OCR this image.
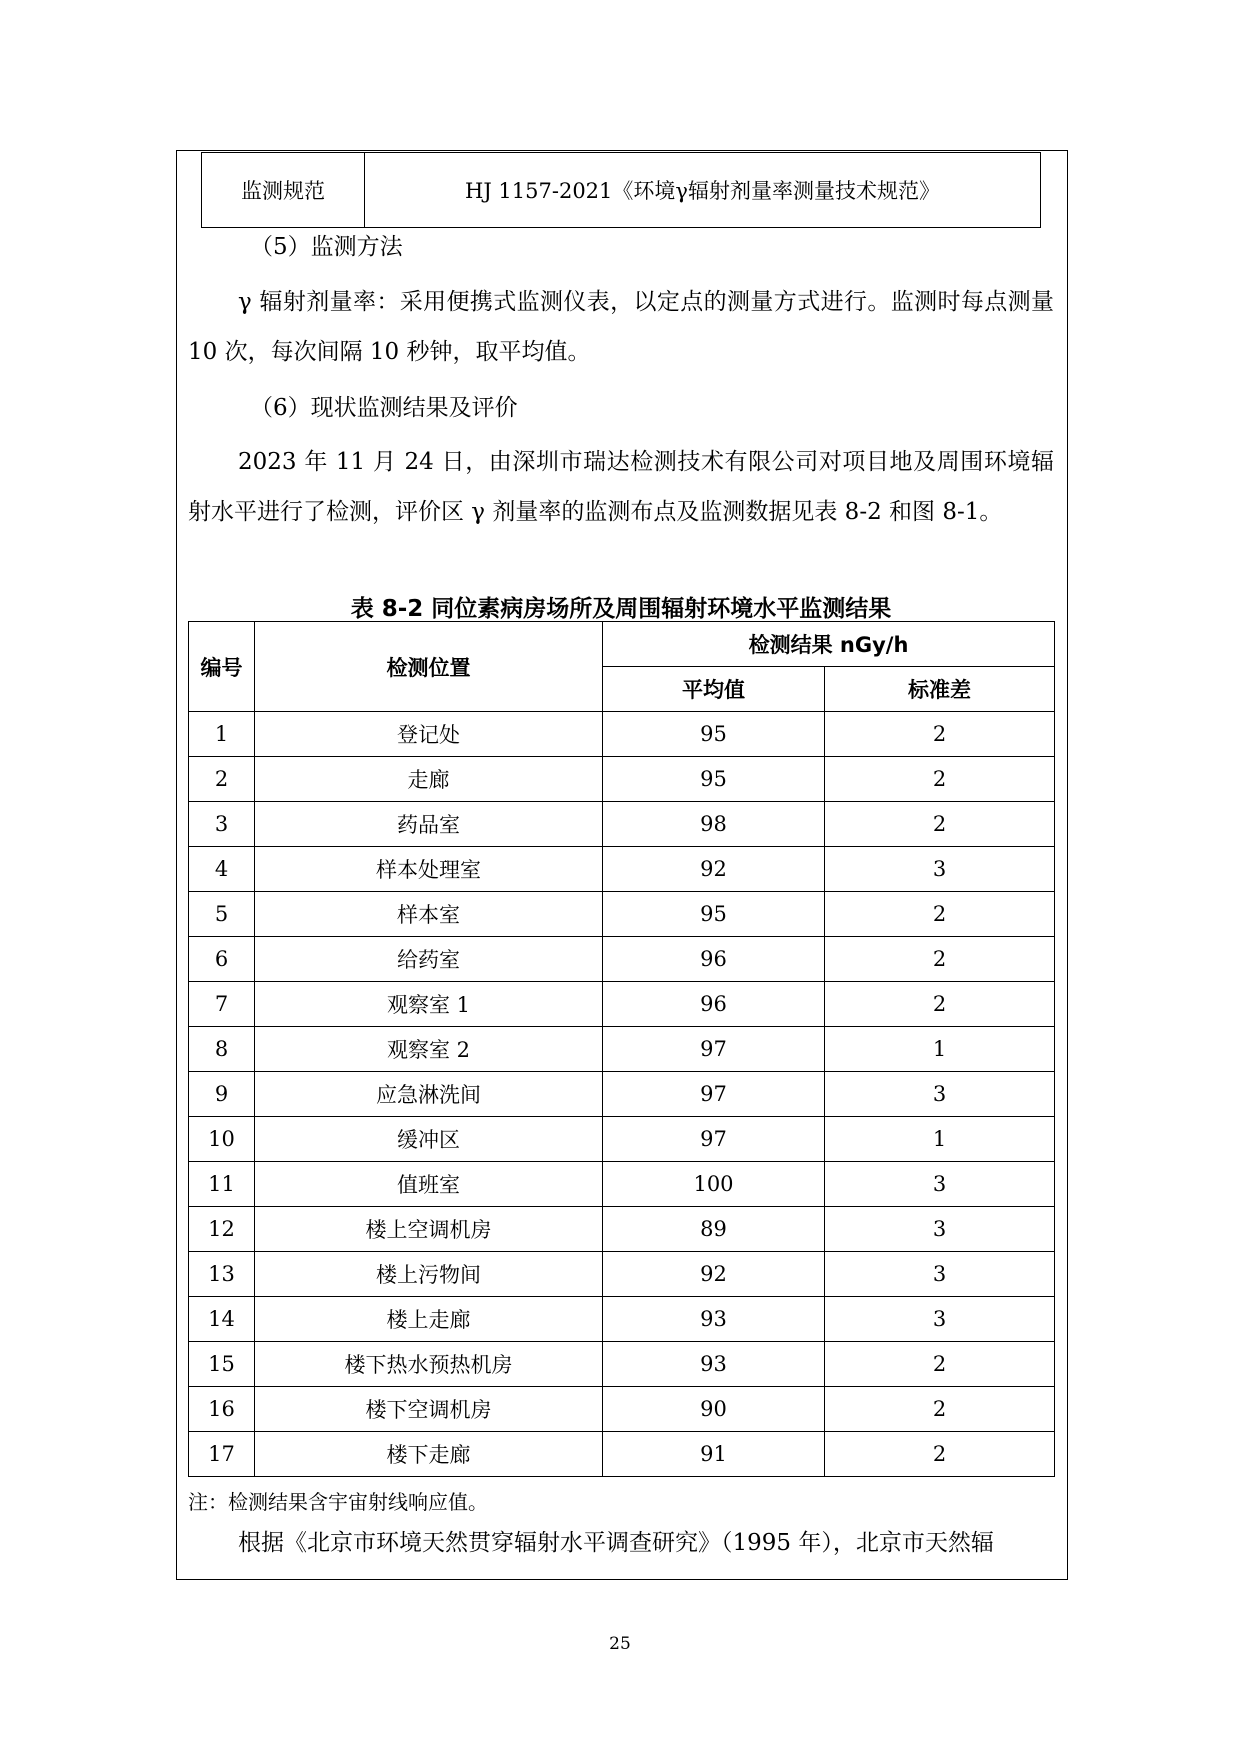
监测规范	HJ 1157-2021《环境γ辐射剂量率测量技术规范》
（5）监测方法
γ 辐射剂量率：采用便携式监测仪表，以定点的测量方式进行。监测时每点测量 10 次，每次间隔 10 秒钟，取平均值。
（6）现状监测结果及评价
2023 年 11 月 24 日，由深圳市瑞达检测技术有限公司对项目地及周围环境辐射水平进行了检测，评价区 γ 剂量率的监测布点及监测数据见表 8-2 和图 8-1。
表 8-2 同位素病房场所及周围辐射环境水平监测结果
编号	检测位置	检测结果 nGy/h	
		平均值	标准差
1	登记处	95	2
2	走廊	95	2
3	药品室	98	2
4	样本处理室	92	3
5	样本室	95	2
6	给药室	96	2
7	观察室 1	96	2
8	观察室 2	97	1
9	应急淋洗间	97	3
10	缓冲区	97	1
11	值班室	100	3
12	楼上空调机房	89	3
13	楼上污物间	92	3
14	楼上走廊	93	3
15	楼下热水预热机房	93	2
16	楼下空调机房	90	2
17	楼下走廊	91	2
注：检测结果含宇宙射线响应值。
根据《北京市环境天然贯穿辐射水平调查研究》（1995 年），北京市天然辐
25
